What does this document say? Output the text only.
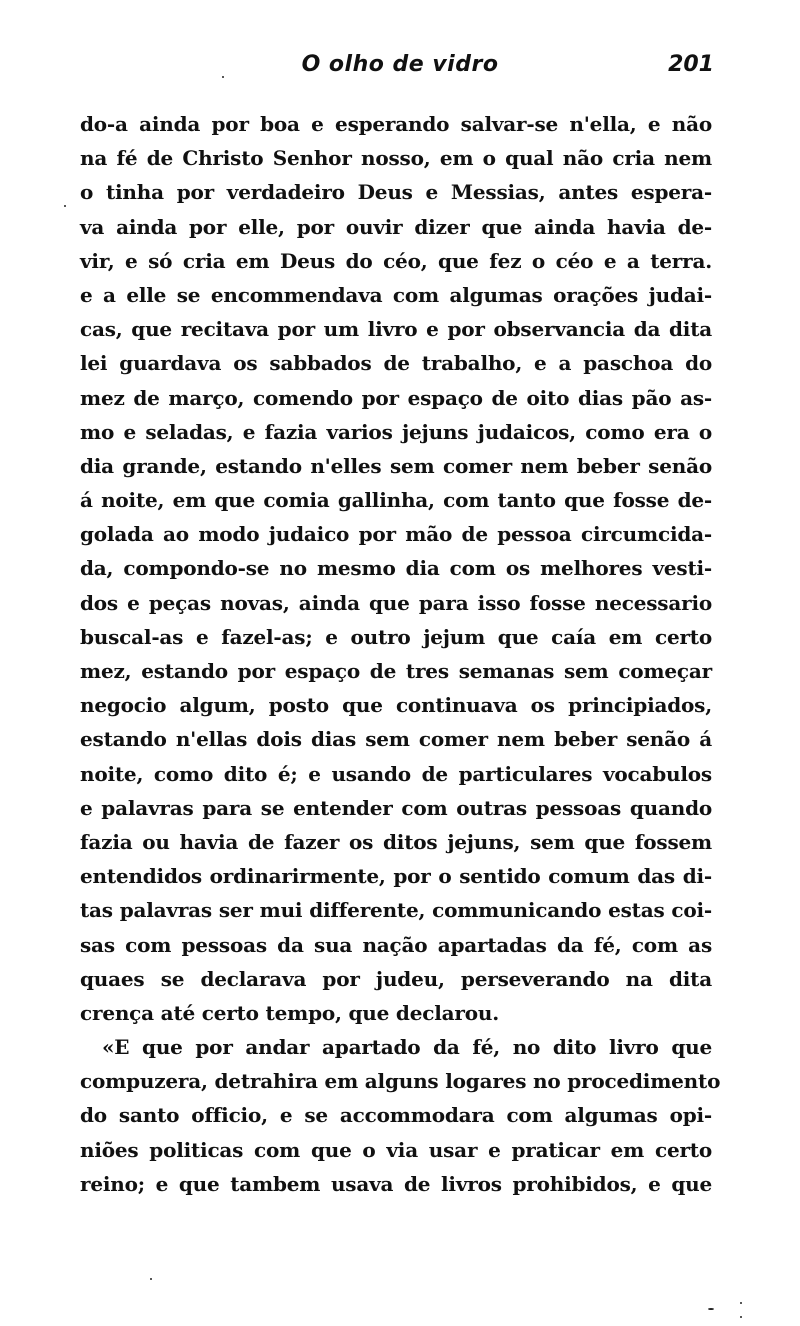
O olho de vidro	201
do-a ainda por boa e esperando salvar-se n'ella, e não
na fé de Christo Senhor nosso, em o qual não cria nem
o tinha por verdadeiro Deus e Messias, antes espera-
va ainda por elle, por ouvir dizer que ainda havia de-
vir, e só cria em Deus do céo, que fez o céo e a terra.
e a elle se encommendava com algumas orações judai-
cas, que recitava por um livro e por observancia da dita
lei guardava os sabbados de trabalho, e a paschoa do
mez de março, comendo por espaço de oito dias pão as-
mo e seladas, e fazia varios jejuns judaicos, como era o
dia grande, estando n'elles sem comer nem beber senão
á noite, em que comia gallinha, com tanto que fosse de-
golada ao modo judaico por mão de pessoa circumcida-
da, compondo-se no mesmo dia com os melhores vesti-
dos e peças novas, ainda que para isso fosse necessario
buscal-as e fazel-as; e outro jejum que caía em certo
mez, estando por espaço de tres semanas sem começar
negocio algum, posto que continuava os principiados,
estando n'ellas dois dias sem comer nem beber senão á
noite, como dito é; e usando de particulares vocabulos
e palavras para se entender com outras pessoas quando
fazia ou havia de fazer os ditos jejuns, sem que fossem
entendidos ordinarirmente, por o sentido comum das di-
tas palavras ser mui differente, communicando estas coi-
sas com pessoas da sua nação apartadas da fé, com as
quaes se declarava por judeu, perseverando na dita
crença até certo tempo, que declarou.
«E que por andar apartado da fé, no dito livro que
compuzera, detrahira em alguns logares no procedimento
do santo officio, e se accommodara com algumas opi-
niões politicas com que o via usar e praticar em certo
reino; e que tambem usava de livros prohibidos, e que
